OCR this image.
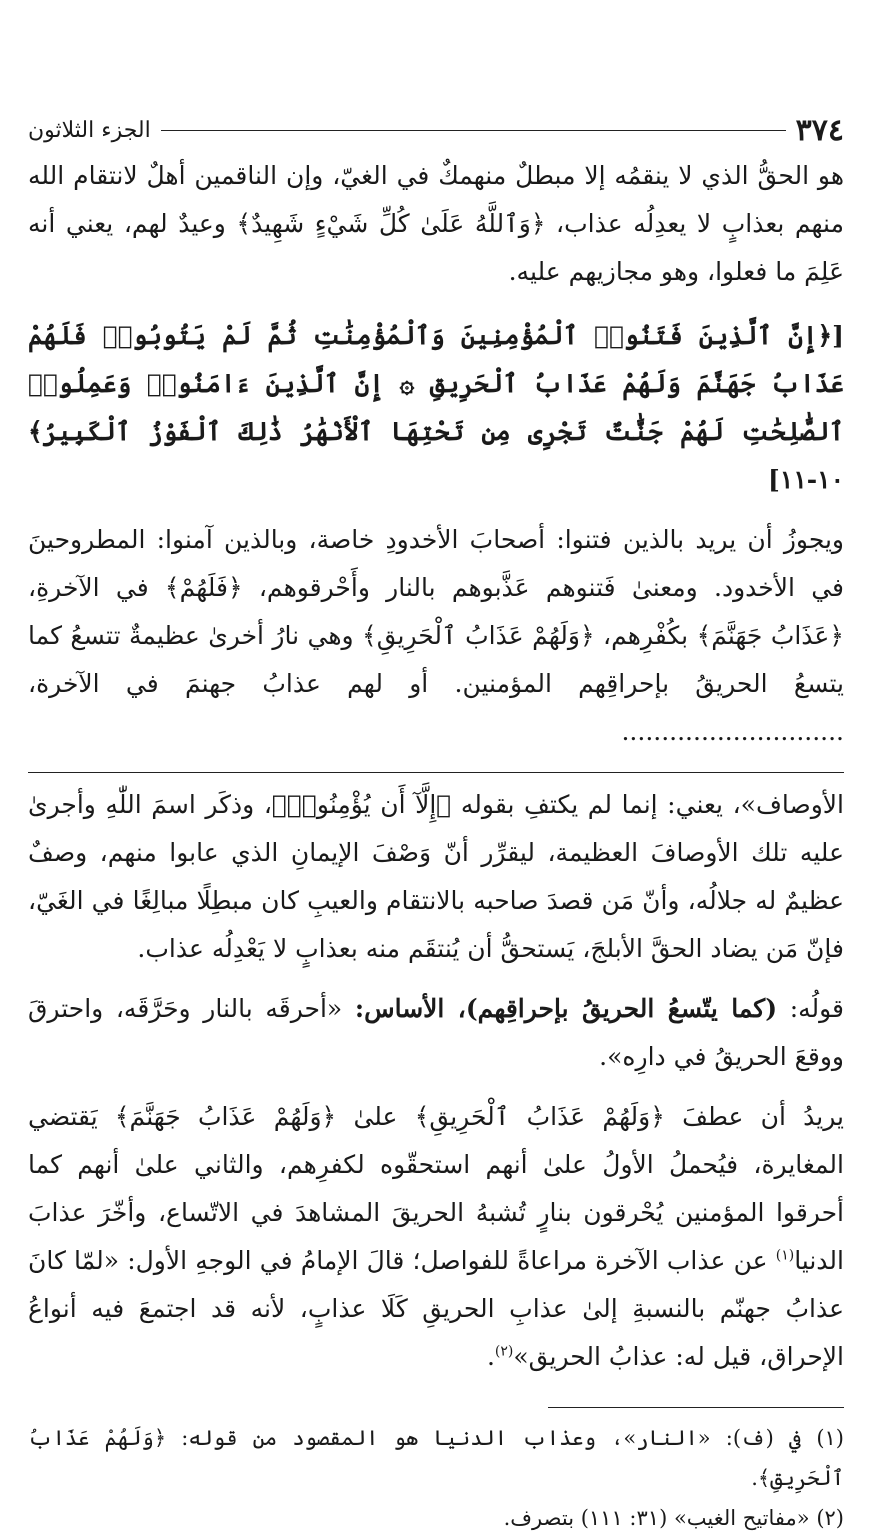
٣٧٤
الجزء الثلاثون

هو الحقُّ الذي لا ينقمُه إلا مبطلٌ منهمكٌ في الغيّ، وإن الناقمين أهلٌ لانتقام الله منهم بعذابٍ لا يعدِلُه عذاب، ﴿وَٱللَّهُ عَلَىٰ كُلِّ شَيْءٍ شَهِيدٌ﴾ وعيدٌ لهم، يعني أنه عَلِمَ ما فعلوا، وهو مجازيهم عليه.

[﴿إِنَّ ٱلَّذِينَ فَتَنُوا۟ ٱلْمُؤْمِنِينَ وَٱلْمُؤْمِنَٰتِ ثُمَّ لَمْ يَتُوبُوا۟ فَلَهُمْ عَذَابُ جَهَنَّمَ وَلَهُمْ عَذَابُ ٱلْحَرِيقِ ۞ إِنَّ ٱلَّذِينَ ءَامَنُوا۟ وَعَمِلُوا۟ ٱلصَّٰلِحَٰتِ لَهُمْ جَنَّٰتٌ تَجْرِى مِن تَحْتِهَا ٱلْأَنْهَٰرُ ذَٰلِكَ ٱلْفَوْزُ ٱلْكَبِيرُ﴾ ١٠-١١]

ويجوزُ أن يريد بالذين فتنوا: أصحابَ الأخدودِ خاصة، وبالذين آمنوا: المطروحينَ في الأخدود. ومعنىٰ فَتنوهم عَذَّبوهم بالنار وأَحْرقوهم، ﴿فَلَهُمْ﴾ في الآخرةِ، ﴿عَذَابُ جَهَنَّمَ﴾ بكُفْرِهم، ﴿وَلَهُمْ عَذَابُ ٱلْحَرِيقِ﴾ وهي نارُ أخرىٰ عظيمةٌ تتسعُ كما يتسعُ الحريقُ بإحراقِهم المؤمنين. أو لهم عذابُ جهنمَ في الآخرة، ............................

الأوصاف»، يعني: إنما لم يكتفِ بقوله ﴿إِلَّآ أَن يُؤْمِنُوا۟﴾، وذكَر اسمَ اللّٰهِ وأجرىٰ عليه تلك الأوصافَ العظيمة، ليقرِّر أنّ وَصْفَ الإيمانِ الذي عابوا منهم، وصفٌ عظيمٌ له جلالُه، وأنّ مَن قصدَ صاحبه بالانتقام والعيبِ كان مبطِلًا مبالِغًا في الغَيّ، فإنّ مَن يضاد الحقَّ الأبلجَ، يَستحقُّ أن يُنتقَم منه بعذابٍ لا يَعْدِلُه عذاب.

قولُه: (كما يتّسعُ الحريقُ بإحراقِهم)، الأساس: «أحرقَه بالنار وحَرَّقَه، واحترقَ ووقعَ الحريقُ في دارِه».

يريدُ أن عطفَ ﴿وَلَهُمْ عَذَابُ ٱلْحَرِيقِ﴾ علىٰ ﴿وَلَهُمْ عَذَابُ جَهَنَّمَ﴾ يَقتضي المغايرة، فيُحملُ الأولُ علىٰ أنهم استحقّوه لكفرِهم، والثاني علىٰ أنهم كما أحرقوا المؤمنين يُحْرقون بنارٍ تُشبهُ الحريقَ المشاهدَ في الاتّساع، وأخّرَ عذابَ الدنيا$^{(١)}$ عن عذاب الآخرة مراعاةً للفواصل؛ قالَ الإمامُ في الوجهِ الأول: «لمّا كانَ عذابُ جهنّم بالنسبةِ إلىٰ عذابِ الحريقِ كَلَا عذابٍ، لأنه قد اجتمعَ فيه أنواعُ الإحراق، قيل له: عذابُ الحريق»$^{(٢)}$.

(١) في (ف): «النار»، وعذاب الدنيا هو المقصود من قوله: ﴿وَلَهُمْ عَذَابُ ٱلْحَرِيقِ﴾.

(٢) «مفاتيح الغيب» (٣١: ١١١) بتصرف.
